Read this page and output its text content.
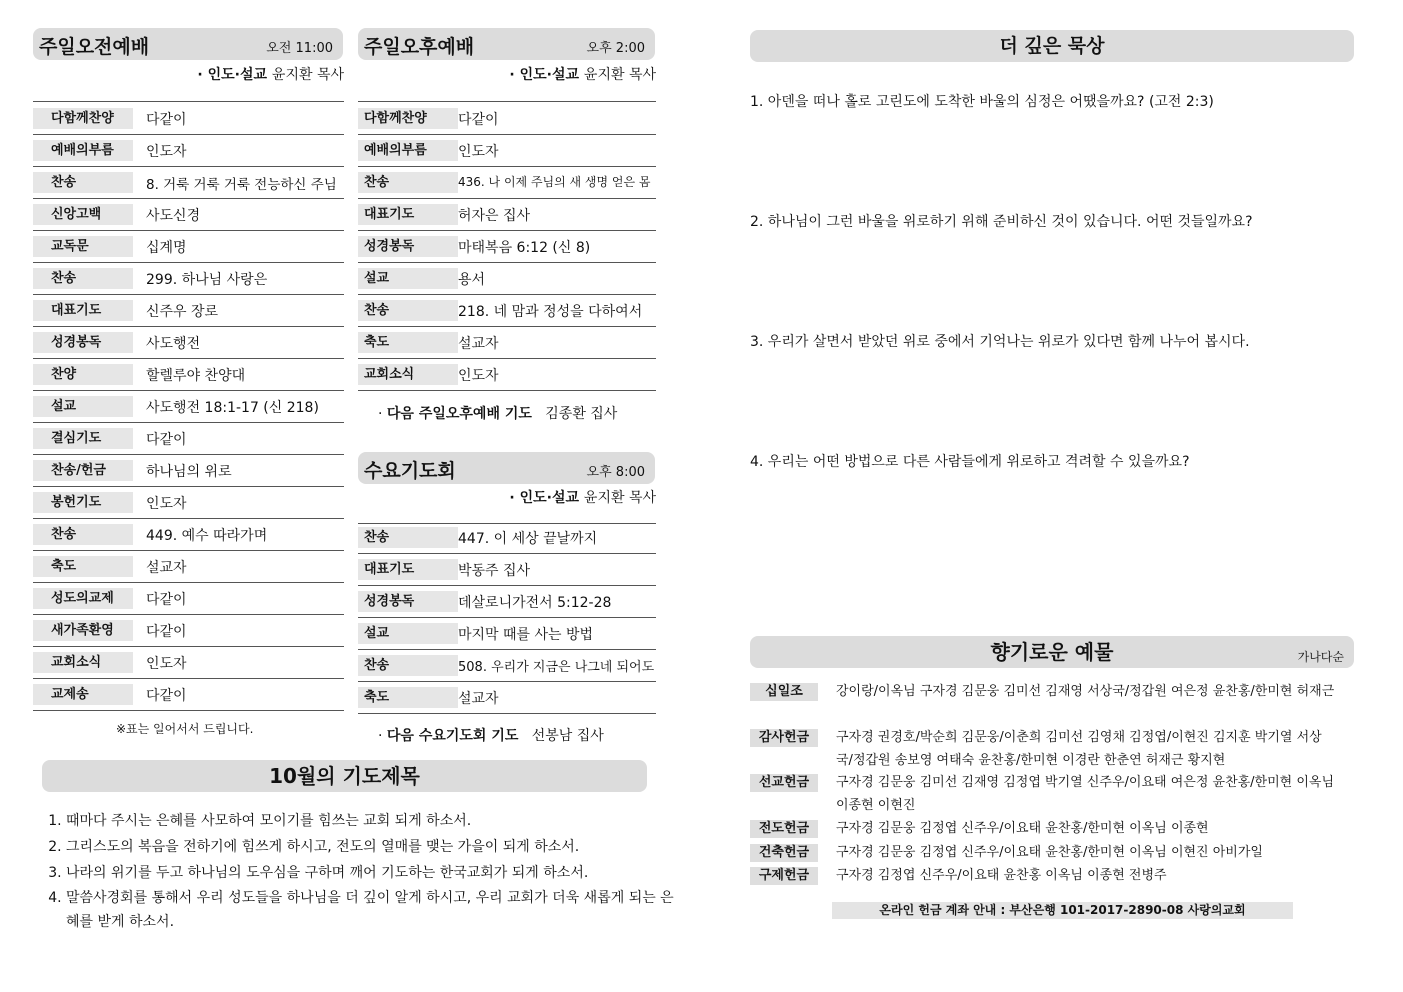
주일오전예배	오전 11:00
· 인도·설교 윤지환 목사
다함께찬양	다같이
예배의부름	인도자
찬송	8. 거룩 거룩 거룩 전능하신 주님
신앙고백	사도신경
교독문	십계명
찬송	299. 하나님 사랑은
대표기도	신주우 장로
성경봉독	사도행전
찬양	할렐루야 찬양대
설교	사도행전 18:1-17 (신 218)
결심기도	다같이
찬송/헌금	하나님의 위로
봉헌기도	인도자
찬송	449. 예수 따라가며
축도	설교자
성도의교제	다같이
새가족환영	다같이
교회소식	인도자
교제송	다같이
※표는 일어서서 드립니다.
주일오후예배	오후 2:00
· 인도·설교 윤지환 목사
다함께찬양	다같이
예배의부름	인도자
찬송	436. 나 이제 주님의 새 생명 얻은 몸
대표기도	허자은 집사
성경봉독	마태복음 6:12 (신 8)
설교	용서
찬송	218. 네 맘과 정성을 다하여서
축도	설교자
교회소식	인도자
· 다음 주일오후예배 기도 김종환 집사
수요기도회	오후 8:00
· 인도·설교 윤지환 목사
찬송	447. 이 세상 끝날까지
대표기도	박동주 집사
성경봉독	데살로니가전서 5:12-28
설교	마지막 때를 사는 방법
찬송	508. 우리가 지금은 나그네 되어도
축도	설교자
· 다음 수요기도회 기도 선봉남 집사
10월의 기도제목
1. 때마다 주시는 은혜를 사모하여 모이기를 힘쓰는 교회 되게 하소서.
2. 그리스도의 복음을 전하기에 힘쓰게 하시고, 전도의 열매를 맺는 가을이 되게 하소서.
3. 나라의 위기를 두고 하나님의 도우심을 구하며 깨어 기도하는 한국교회가 되게 하소서.
4. 말씀사경회를 통해서 우리 성도들을 하나님을 더 깊이 알게 하시고, 우리 교회가 더욱 새롭게 되는 은혜를 받게 하소서.
더 깊은 묵상
1. 아덴을 떠나 홀로 고린도에 도착한 바울의 심정은 어땠을까요? (고전 2:3)
2. 하나님이 그런 바울을 위로하기 위해 준비하신 것이 있습니다. 어떤 것들일까요?
3. 우리가 살면서 받았던 위로 중에서 기억나는 위로가 있다면 함께 나누어 봅시다.
4. 우리는 어떤 방법으로 다른 사람들에게 위로하고 격려할 수 있을까요?
향기로운 예물	가나다순
십일조	강이랑/이옥님 구자경 김문웅 김미선 김재영 서상국/정갑원 여은정 윤찬홍/한미현 허재근
감사헌금	구자경 권경호/박순희 김문웅/이춘희 김미선 김영채 김정엽/이현진 김지훈 박기열 서상국/정갑원 송보영 여태숙 윤찬홍/한미현 이경란 한춘연 허재근 황지현
선교헌금	구자경 김문웅 김미선 김재영 김정엽 박기열 신주우/이요태 여은정 윤찬홍/한미현 이옥님 이종현 이현진
전도헌금	구자경 김문웅 김정엽 신주우/이요태 윤찬홍/한미현 이옥님 이종현
건축헌금	구자경 김문웅 김정엽 신주우/이요태 윤찬홍/한미현 이옥님 이현진 아비가일
구제헌금	구자경 김정엽 신주우/이요태 윤찬홍 이옥님 이종현 전병주
온라인 헌금 계좌 안내 : 부산은행 101-2017-2890-08 사랑의교회
